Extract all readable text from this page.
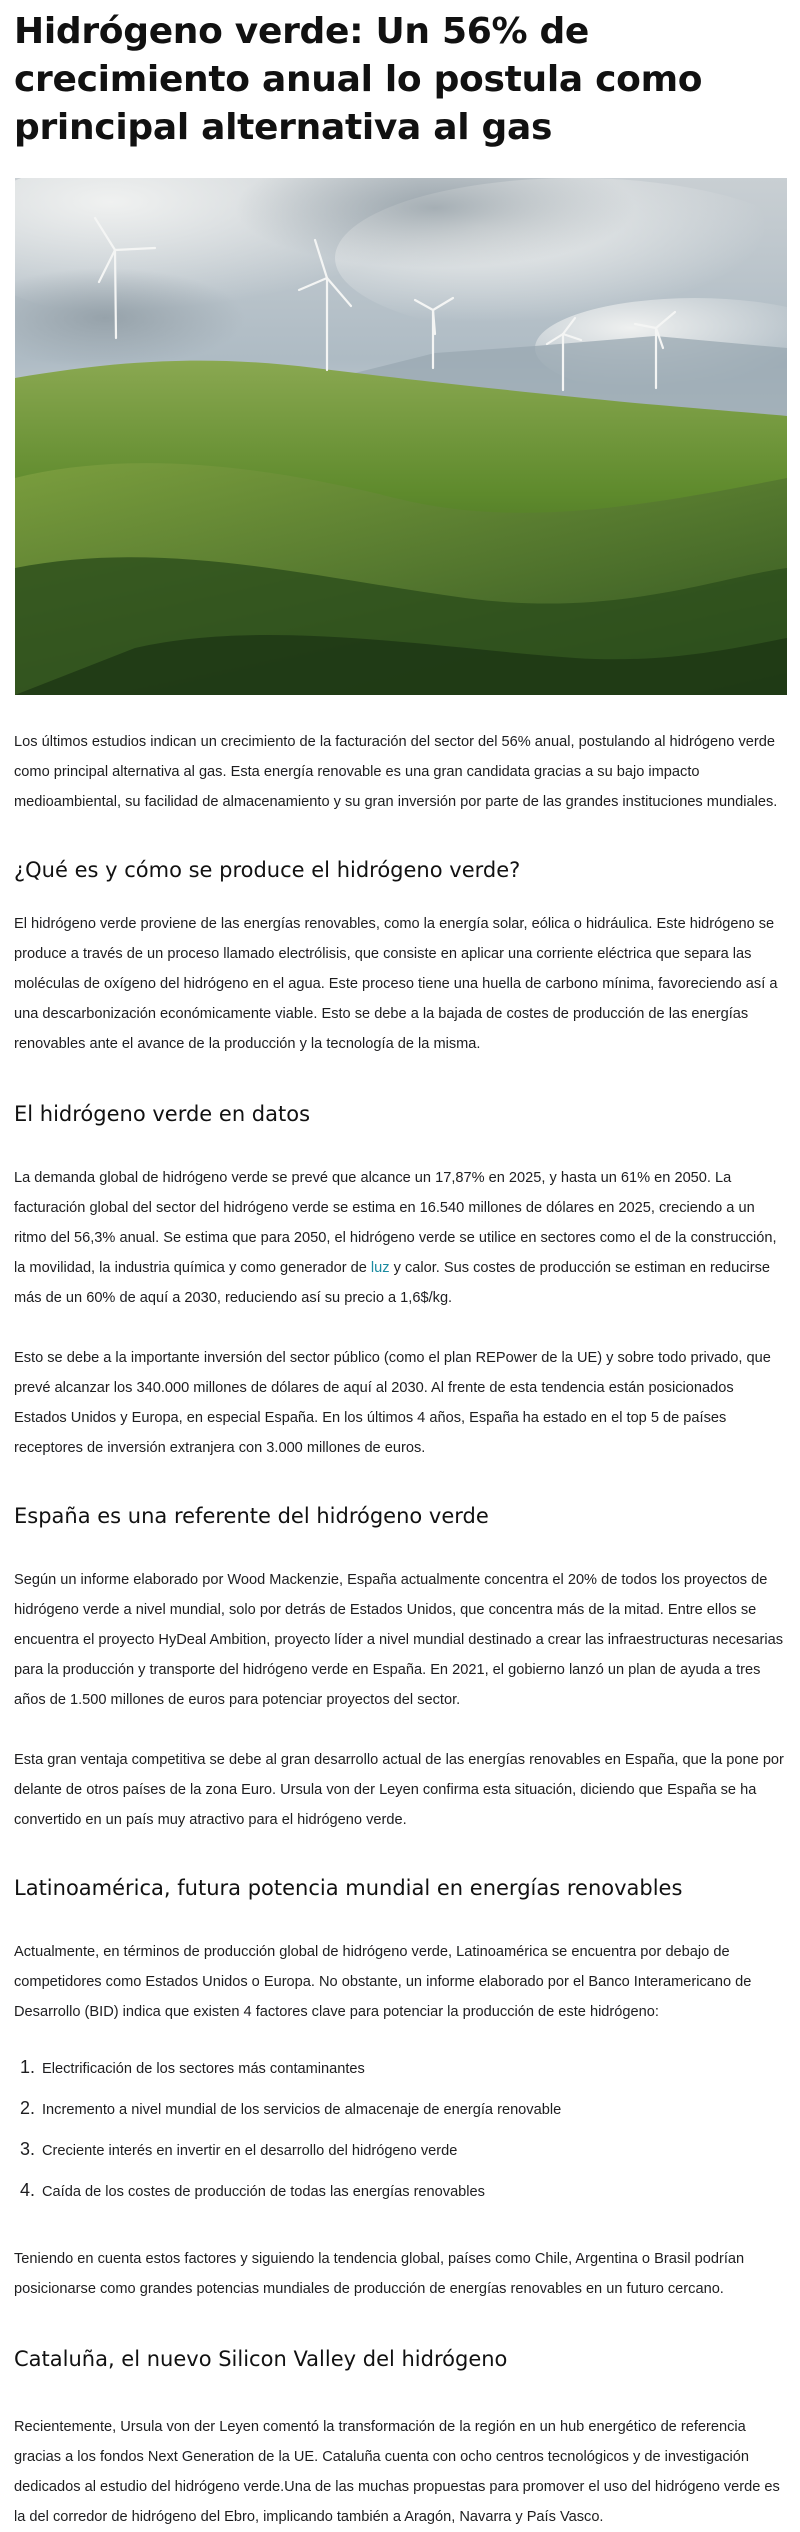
Hidrógeno verde: Un 56% de crecimiento anual lo postula como principal alternativa al gas

Los últimos estudios indican un crecimiento de la facturación del sector del 56% anual, postulando al hidrógeno verde como principal alternativa al gas. Esta energía renovable es una gran candidata gracias a su bajo impacto medioambiental, su facilidad de almacenamiento y su gran inversión por parte de las grandes instituciones mundiales.

¿Qué es y cómo se produce el hidrógeno verde?

El hidrógeno verde proviene de las energías renovables, como la energía solar, eólica o hidráulica. Este hidrógeno se produce a través de un proceso llamado electrólisis, que consiste en aplicar una corriente eléctrica que separa las moléculas de oxígeno del hidrógeno en el agua. Este proceso tiene una huella de carbono mínima, favoreciendo así a una descarbonización económicamente viable. Esto se debe a la bajada de costes de producción de las energías renovables ante el avance de la producción y la tecnología de la misma.

El hidrógeno verde en datos

La demanda global de hidrógeno verde se prevé que alcance un 17,87% en 2025, y hasta un 61% en 2050. La facturación global del sector del hidrógeno verde se estima en 16.540 millones de dólares en 2025, creciendo a un ritmo del 56,3% anual. Se estima que para 2050, el hidrógeno verde se utilice en sectores como el de la construcción, la movilidad, la industria química y como generador de luz y calor. Sus costes de producción se estiman en reducirse más de un 60% de aquí a 2030, reduciendo así su precio a 1,6$/kg.

Esto se debe a la importante inversión del sector público (como el plan REPower de la UE) y sobre todo privado, que prevé alcanzar los 340.000 millones de dólares de aquí al 2030. Al frente de esta tendencia están posicionados Estados Unidos y Europa, en especial España. En los últimos 4 años, España ha estado en el top 5 de países receptores de inversión extranjera con 3.000 millones de euros.

España es una referente del hidrógeno verde

Según un informe elaborado por Wood Mackenzie, España actualmente concentra el 20% de todos los proyectos de hidrógeno verde a nivel mundial, solo por detrás de Estados Unidos, que concentra más de la mitad. Entre ellos se encuentra el proyecto HyDeal Ambition, proyecto líder a nivel mundial destinado a crear las infraestructuras necesarias para la producción y transporte del hidrógeno verde en España. En 2021, el gobierno lanzó un plan de ayuda a tres años de 1.500 millones de euros para potenciar proyectos del sector.

Esta gran ventaja competitiva se debe al gran desarrollo actual de las energías renovables en España, que la pone por delante de otros países de la zona Euro. Ursula von der Leyen confirma esta situación, diciendo que España se ha convertido en un país muy atractivo para el hidrógeno verde.

Latinoamérica, futura potencia mundial en energías renovables

Actualmente, en términos de producción global de hidrógeno verde, Latinoamérica se encuentra por debajo de competidores como Estados Unidos o Europa. No obstante, un informe elaborado por el Banco Interamericano de Desarrollo (BID) indica que existen 4 factores clave para potenciar la producción de este hidrógeno:

1. Electrificación de los sectores más contaminantes
2. Incremento a nivel mundial de los servicios de almacenaje de energía renovable
3. Creciente interés en invertir en el desarrollo del hidrógeno verde
4. Caída de los costes de producción de todas las energías renovables

Teniendo en cuenta estos factores y siguiendo la tendencia global, países como Chile, Argentina o Brasil podrían posicionarse como grandes potencias mundiales de producción de energías renovables en un futuro cercano.

Cataluña, el nuevo Silicon Valley del hidrógeno

Recientemente, Ursula von der Leyen comentó la transformación de la región en un hub energético de referencia gracias a los fondos Next Generation de la UE. Cataluña cuenta con ocho centros tecnológicos y de investigación dedicados al estudio del hidrógeno verde.Una de las muchas propuestas para promover el uso del hidrógeno verde es la del corredor de hidrógeno del Ebro, implicando también a Aragón, Navarra y País Vasco.
